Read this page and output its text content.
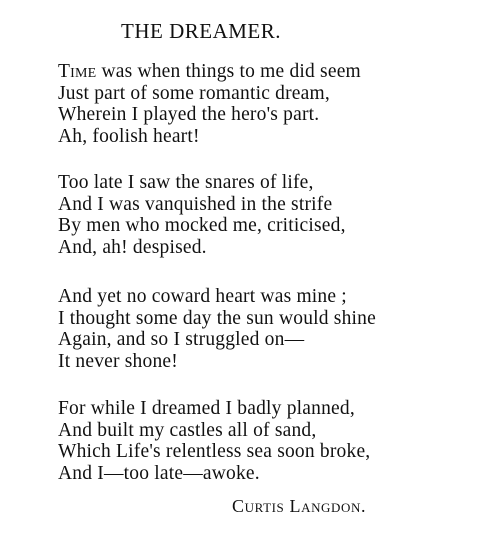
THE DREAMER.
Time was when things to me did seem
Just part of some romantic dream,
Wherein I played the hero's part.
Ah, foolish heart!
Too late I saw the snares of life,
And I was vanquished in the strife
By men who mocked me, criticised,
And, ah! despised.
And yet no coward heart was mine ;
I thought some day the sun would shine
Again, and so I struggled on—
It never shone!
For while I dreamed I badly planned,
And built my castles all of sand,
Which Life's relentless sea soon broke,
And I—too late—awoke.
Curtis Langdon.
